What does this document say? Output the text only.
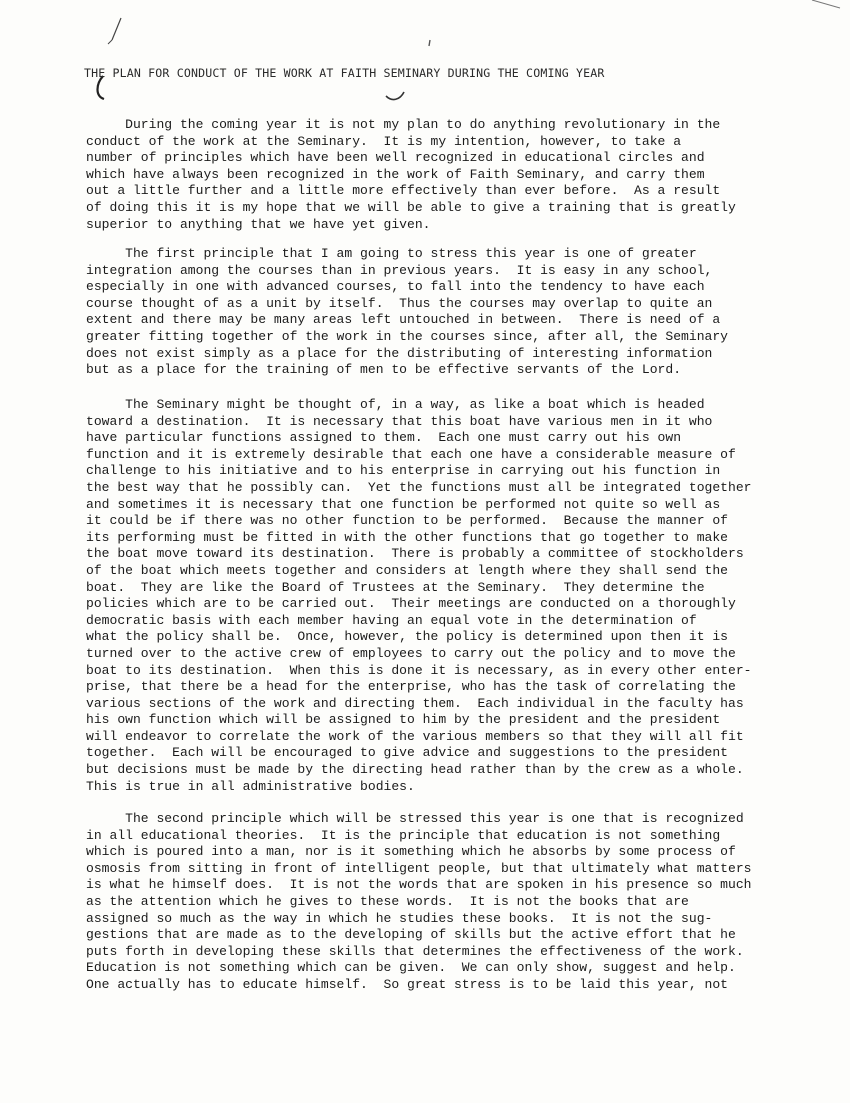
THE PLAN FOR CONDUCT OF THE WORK AT FAITH SEMINARY DURING THE COMING YEAR
During the coming year it is not my plan to do anything revolutionary in the
conduct of the work at the Seminary.  It is my intention, however, to take a
number of principles which have been well recognized in educational circles and
which have always been recognized in the work of Faith Seminary, and carry them
out a little further and a little more effectively than ever before.  As a result
of doing this it is my hope that we will be able to give a training that is greatly
superior to anything that we have yet given.
The first principle that I am going to stress this year is one of greater
integration among the courses than in previous years.  It is easy in any school,
especially in one with advanced courses, to fall into the tendency to have each
course thought of as a unit by itself.  Thus the courses may overlap to quite an
extent and there may be many areas left untouched in between.  There is need of a
greater fitting together of the work in the courses since, after all, the Seminary
does not exist simply as a place for the distributing of interesting information
but as a place for the training of men to be effective servants of the Lord.
The Seminary might be thought of, in a way, as like a boat which is headed
toward a destination.  It is necessary that this boat have various men in it who
have particular functions assigned to them.  Each one must carry out his own
function and it is extremely desirable that each one have a considerable measure of
challenge to his initiative and to his enterprise in carrying out his function in
the best way that he possibly can.  Yet the functions must all be integrated together
and sometimes it is necessary that one function be performed not quite so well as
it could be if there was no other function to be performed.  Because the manner of
its performing must be fitted in with the other functions that go together to make
the boat move toward its destination.  There is probably a committee of stockholders
of the boat which meets together and considers at length where they shall send the
boat.  They are like the Board of Trustees at the Seminary.  They determine the
policies which are to be carried out.  Their meetings are conducted on a thoroughly
democratic basis with each member having an equal vote in the determination of
what the policy shall be.  Once, however, the policy is determined upon then it is
turned over to the active crew of employees to carry out the policy and to move the
boat to its destination.  When this is done it is necessary, as in every other enter-
prise, that there be a head for the enterprise, who has the task of correlating the
various sections of the work and directing them.  Each individual in the faculty has
his own function which will be assigned to him by the president and the president
will endeavor to correlate the work of the various members so that they will all fit
together.  Each will be encouraged to give advice and suggestions to the president
but decisions must be made by the directing head rather than by the crew as a whole.
This is true in all administrative bodies.
The second principle which will be stressed this year is one that is recognized
in all educational theories.  It is the principle that education is not something
which is poured into a man, nor is it something which he absorbs by some process of
osmosis from sitting in front of intelligent people, but that ultimately what matters
is what he himself does.  It is not the words that are spoken in his presence so much
as the attention which he gives to these words.  It is not the books that are
assigned so much as the way in which he studies these books.  It is not the sug-
gestions that are made as to the developing of skills but the active effort that he
puts forth in developing these skills that determines the effectiveness of the work.
Education is not something which can be given.  We can only show, suggest and help.
One actually has to educate himself.  So great stress is to be laid this year, not
